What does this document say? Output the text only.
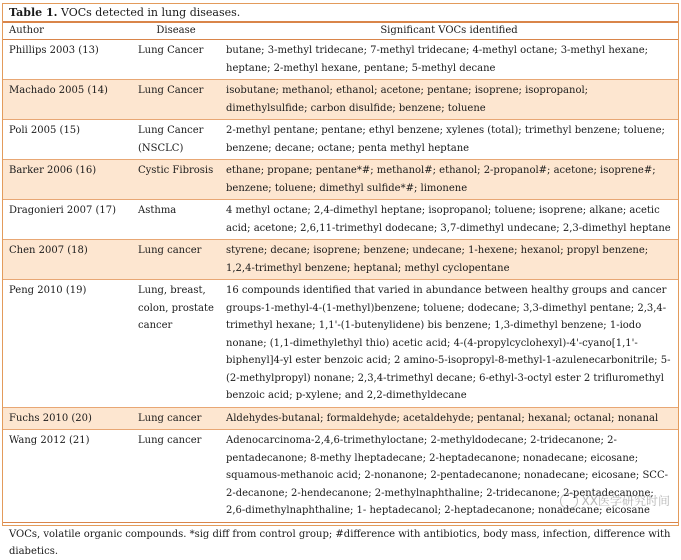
Table 1. VOCs detected in lung diseases.
Author	Disease	Significant VOCs identified
Phillips 2003 (13)	Lung Cancer	butane; 3-methyl tridecane; 7-methyl tridecane; 4-methyl octane; 3-methyl hexane; heptane; 2-methyl hexane, pentane; 5-methyl decane
Machado 2005 (14)	Lung Cancer	isobutane; methanol; ethanol; acetone; pentane; isoprene; isopropanol; dimethylsulfide; carbon disulfide; benzene; toluene
Poli 2005 (15)	Lung Cancer (NSCLC)	2-methyl pentane; pentane; ethyl benzene; xylenes (total); trimethyl benzene; toluene; benzene; decane; octane; penta methyl heptane
Barker 2006 (16)	Cystic Fibrosis	ethane; propane; pentane*#; methanol#; ethanol; 2-propanol#; acetone; isoprene#; benzene; toluene; dimethyl sulfide*#; limonene
Dragonieri 2007 (17)	Asthma	4 methyl octane; 2,4-dimethyl heptane; isopropanol; toluene; isoprene; alkane; acetic acid; acetone; 2,6,11-trimethyl dodecane; 3,7-dimethyl undecane; 2,3-dimethyl heptane
Chen 2007 (18)	Lung cancer	styrene; decane; isoprene; benzene; undecane; 1-hexene; hexanol; propyl benzene; 1,2,4-trimethyl benzene; heptanal; methyl cyclopentane
Peng 2010 (19)	Lung, breast, colon, prostate cancer	16 compounds identified that varied in abundance between healthy groups and cancer groups-1-methyl-4-(1-methyl)benzene; toluene; dodecane; 3,3-dimethyl pentane; 2,3,4-trimethyl hexane; 1,1'-(1-butenylidene) bis benzene; 1,3-dimethyl benzene; 1-iodo nonane; (1,1-dimethylethyl thio) acetic acid; 4-(4-propylcyclohexyl)-4'-cyano[1,1'-biphenyl]4-yl ester benzoic acid; 2 amino-5-isopropyl-8-methyl-1-azulenecarbonitrile; 5-(2-methylpropyl) nonane; 2,3,4-trimethyl decane; 6-ethyl-3-octyl ester 2 trifluromethyl benzoic acid; p-xylene; and 2,2-dimethyldecane
Fuchs 2010 (20)	Lung cancer	Aldehydes-butanal; formaldehyde; acetaldehyde; pentanal; hexanal; octanal; nonanal
Wang 2012 (21)	Lung cancer	Adenocarcinoma-2,4,6-trimethyloctane; 2-methyldodecane; 2-tridecanone; 2-pentadecanone; 8-methy lheptadecane; 2-heptadecanone; nonadecane; eicosane; squamous-methanoic acid; 2-nonanone; 2-pentadecanone; nonadecane; eicosane; SCC-2-decanone; 2-hendecanone; 2-methylnaphthaline; 2-tridecanone; 2-pentadecanone; 2,6-dimethylnaphthaline; 1- heptadecanol; 2-heptadecanone; nonadecane; eicosane
VOCs, volatile organic compounds. *sig diff from control group; #difference with antibiotics, body mass, infection, difference with diabetics.
XX医学研究时间
